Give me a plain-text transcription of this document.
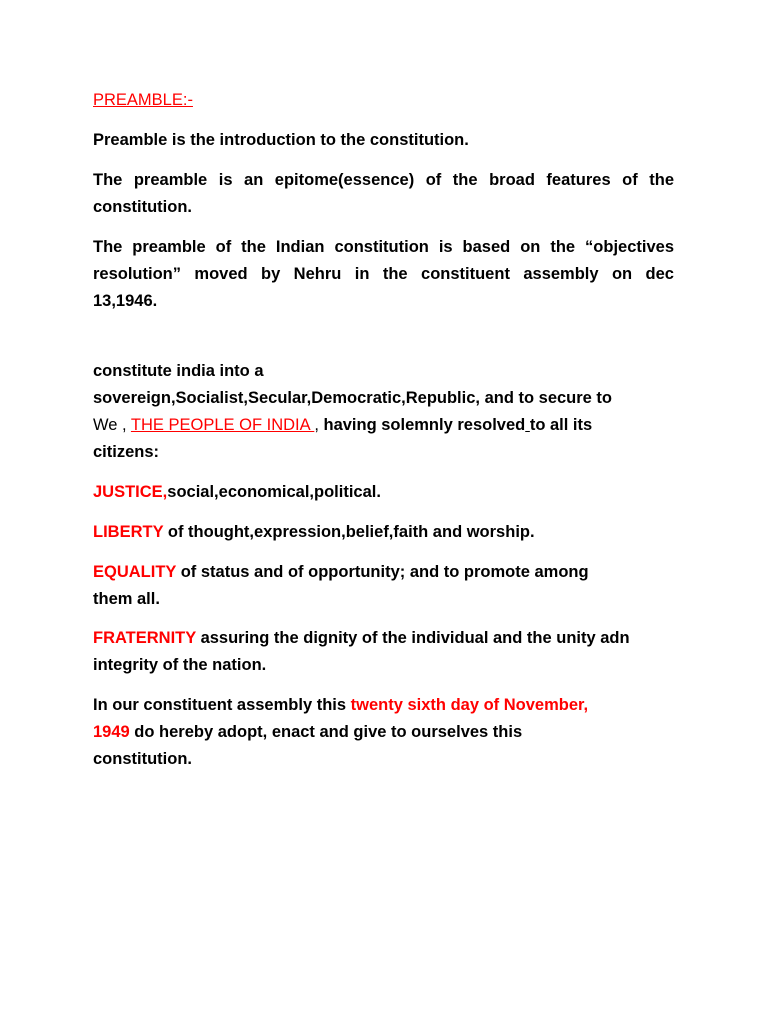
PREAMBLE:-
Preamble is the introduction to the constitution.
The preamble is an epitome(essence) of the broad features of the
constitution.
The preamble of the Indian constitution is based on the “objectives
resolution” moved by Nehru in the constituent assembly on dec
13,1946.
constitute india into a
sovereign,Socialist,Secular,Democratic,Republic, and to secure to
We , THE PEOPLE OF INDIA , having solemnly resolved to all its
citizens:
JUSTICE,social,economical,political.
LIBERTY of thought,expression,belief,faith and worship.
EQUALITY of status and of opportunity; and to promote among
them all.
FRATERNITY assuring the dignity of the individual and the unity adn
integrity of the nation.
In our constituent assembly this twenty sixth day of November,
1949 do hereby adopt, enact and give to ourselves this
constitution.
